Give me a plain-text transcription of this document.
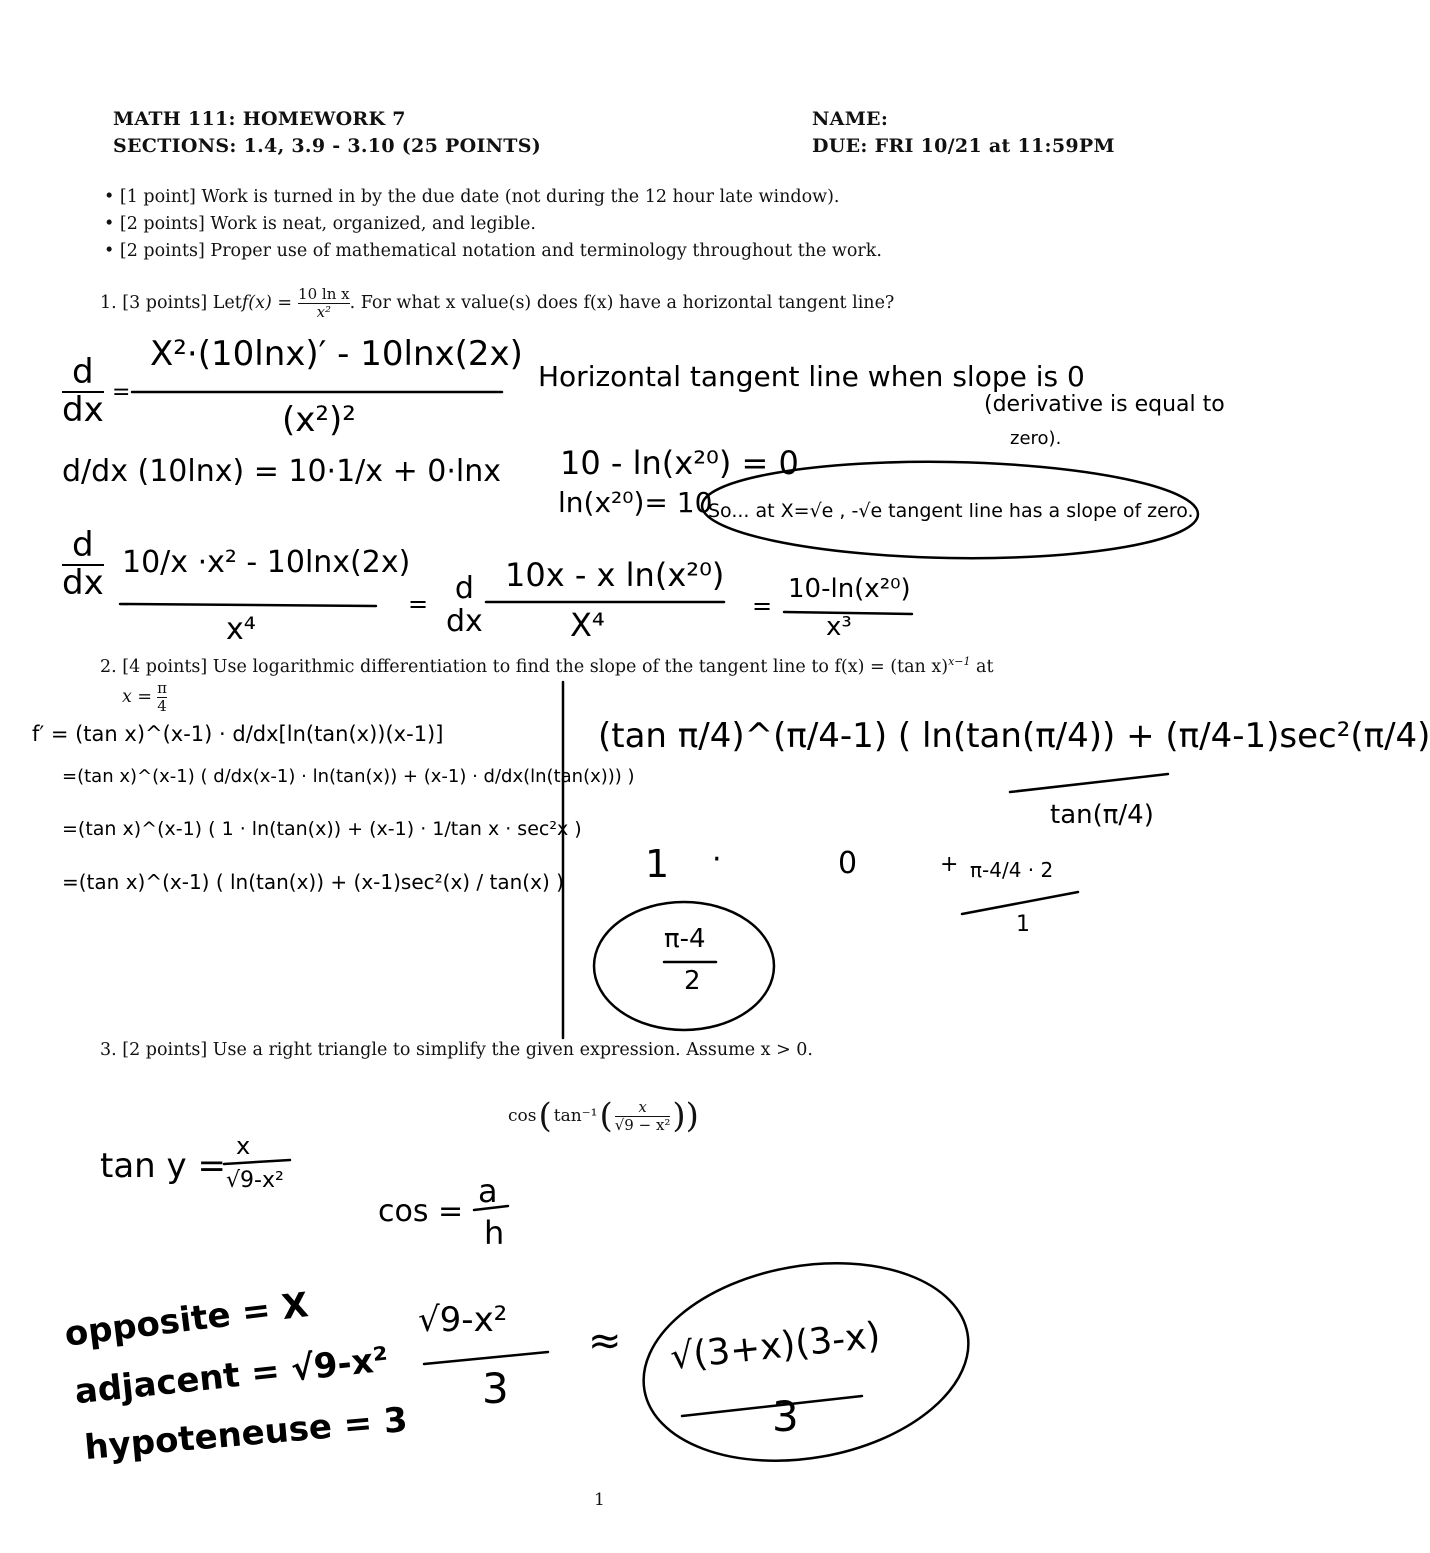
MATH 111: HOMEWORK 7
SECTIONS: 1.4, 3.9 - 3.10 (25 POINTS)
NAME:
DUE: FRI 10/21 at 11:59PM
• [1 point] Work is turned in by the due date (not during the 12 hour late window).
• [2 points] Work is neat, organized, and legible.
• [2 points] Proper use of mathematical notation and terminology throughout the work.
1. [3 points] Let $f(x) = \frac{\text{10 ln x}}{\text{x²}}$ . For what x value(s) does f(x) have a horizontal tangent line?
$\frac{d}{dx}$ =
X²·(10lnx)′ - 10lnx(2x)
(x²)²
d/dx (10lnx) = 10·1/x + 0·lnx
$\frac{d}{dx} 10/x \cdot x^2 - 10\ln x(2x)$
x⁴
= d
dx
10x - x ln(x²⁰)
X⁴	=
10-ln(x²⁰)
x³
Horizontal tangent line when slope is 0
(derivative is equal to
zero).
10 - ln(x²⁰) = 0
ln(x²⁰)= 10
So... at X=√e , -√e tangent line has a slope of zero.
2. [4 points] Use logarithmic differentiation to find the slope of the tangent line to f(x) = (tan x)$^{x-1}$ at
$x = \frac{\pi}{4}$
f′ = (tan x)^(x-1) · d/dx[ln(tan(x))(x-1)]
=(tan x)^(x-1) ( d/dx(x-1) · ln(tan(x)) + (x-1) · d/dx(ln(tan(x))) )
=(tan x)^(x-1) ( 1 · ln(tan(x)) + (x-1) · 1/tan x · sec²x )
=(tan x)^(x-1) ( ln(tan(x)) + (x-1)sec²(x) / tan(x) )
(tan π/4)^(π/4-1) ( ln(tan(π/4)) + (π/4-1)sec²(π/4)
tan(π/4)
1 ·	0	+ π-4/4 · 2
1
π-4
2
3. [2 points] Use a right triangle to simplify the given expression. Assume x > 0.
cos ( tan⁻¹ ( $\frac{x}{\text{√9 − x²}}$ ))
tan y = x
√9-x²
cos =
a
h
opposite = X
adjacent = √9-x²
hypoteneuse = 3
√9-x²
3
≈ √(3+x)(3-x)
3
1
